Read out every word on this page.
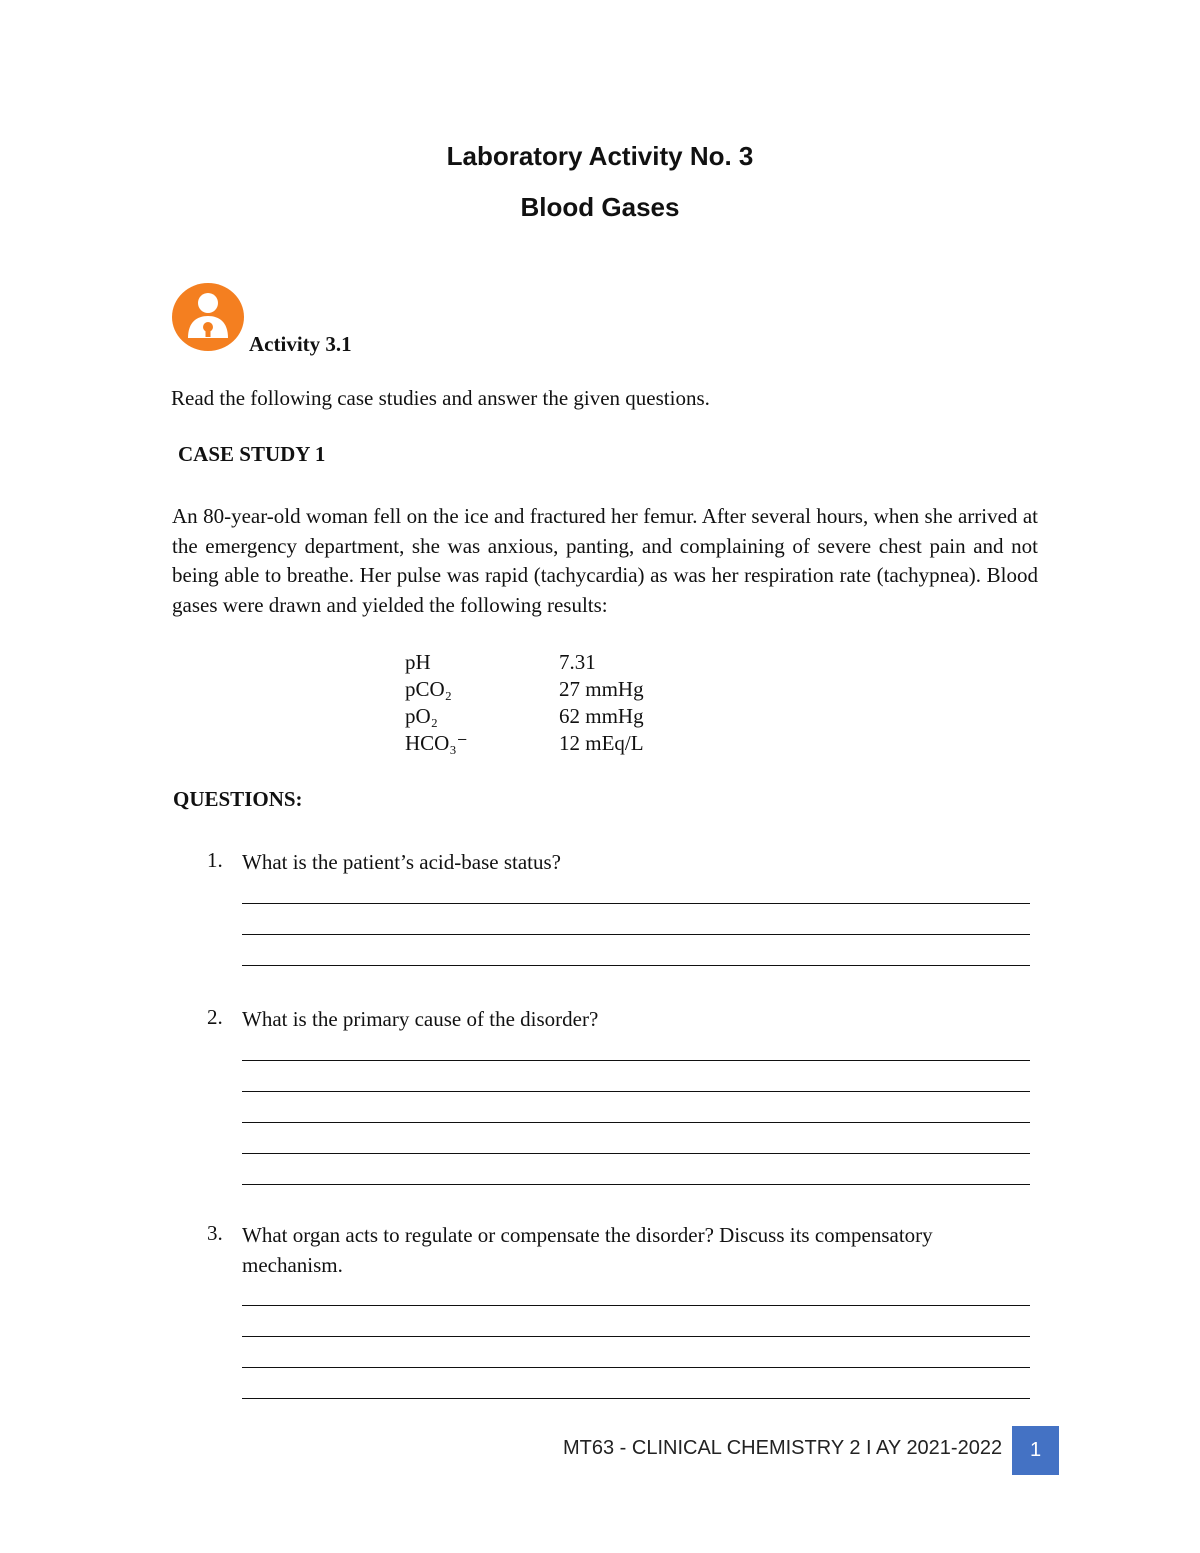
Laboratory Activity No. 3
Blood Gases
Activity 3.1
Read the following case studies and answer the given questions.
CASE STUDY 1

An 80-year-old woman fell on the ice and fractured her femur. After several hours, when she arrived at the emergency department, she was anxious, panting, and complaining of severe chest pain and not being able to breathe. Her pulse was rapid (tachycardia) as was her respiration rate (tachypnea). Blood gases were drawn and yielded the following results:

pH	7.31
pCO₂	27 mmHg
pO₂	62 mmHg
HCO₃⁻	12 mEq/L
QUESTIONS:
1. What is the patient’s acid-base status?
2. What is the primary cause of the disorder?
3. What organ acts to regulate or compensate the disorder? Discuss its compensatory mechanism.
MT63 - CLINICAL CHEMISTRY 2 I AY 2021-2022	1
